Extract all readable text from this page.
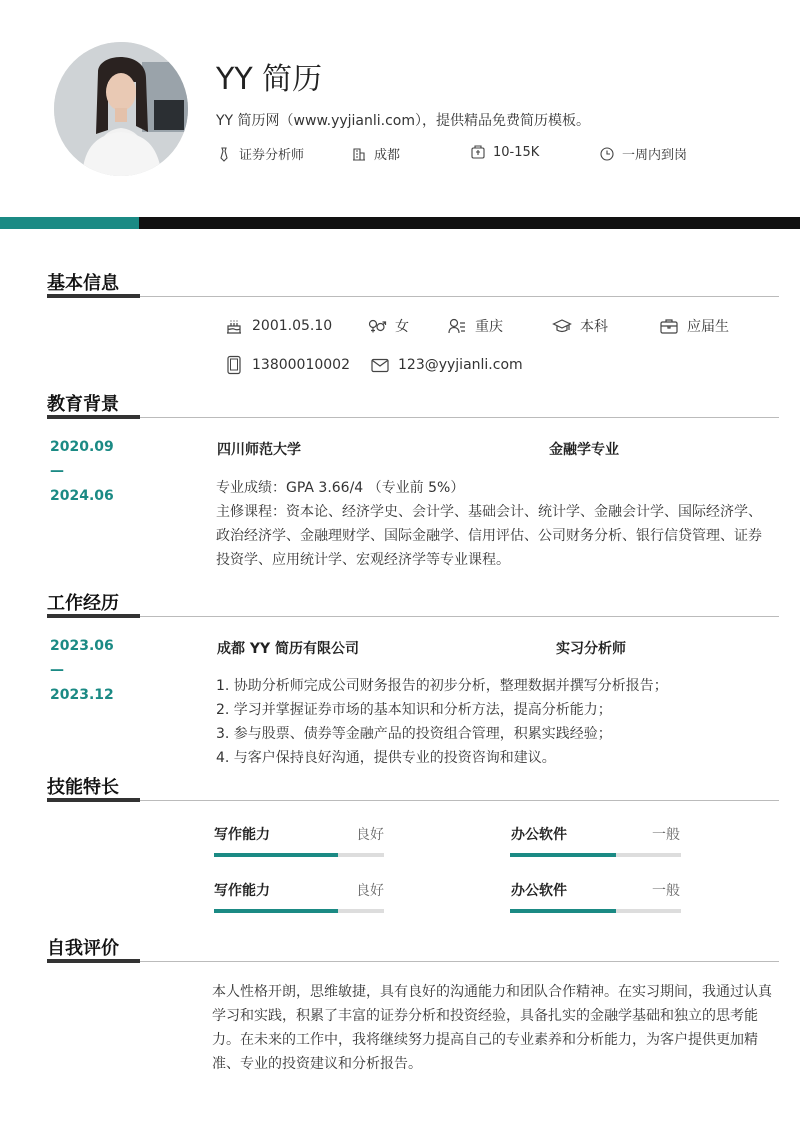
YY 简历
YY 简历网（www.yyjianli.com），提供精品免费简历模板。
证券分析师	成都	10-15K	一周内到岗
基本信息
2001.05.10	女	重庆	本科	应届生
13800010002	123@yyjianli.com
教育背景
2020.09
—
2024.06
四川师范大学	金融学专业
专业成绩：GPA 3.66/4 （专业前 5%）
主修课程：资本论、经济学史、会计学、基础会计、统计学、金融会计学、国际经济学、政治经济学、金融理财学、国际金融学、信用评估、公司财务分析、银行信贷管理、证券投资学、应用统计学、宏观经济学等专业课程。
工作经历
2023.06
—
2023.12
成都 YY 简历有限公司	实习分析师
1. 协助分析师完成公司财务报告的初步分析，整理数据并撰写分析报告；
2. 学习并掌握证券市场的基本知识和分析方法，提高分析能力；
3. 参与股票、债券等金融产品的投资组合管理，积累实践经验；
4. 与客户保持良好沟通，提供专业的投资咨询和建议。
技能特长
写作能力	良好	办公软件	一般
写作能力	良好	办公软件	一般
自我评价
本人性格开朗，思维敏捷，具有良好的沟通能力和团队合作精神。在实习期间，我通过认真学习和实践，积累了丰富的证券分析和投资经验，具备扎实的金融学基础和独立的思考能力。在未来的工作中，我将继续努力提高自己的专业素养和分析能力，为客户提供更加精准、专业的投资建议和分析报告。
